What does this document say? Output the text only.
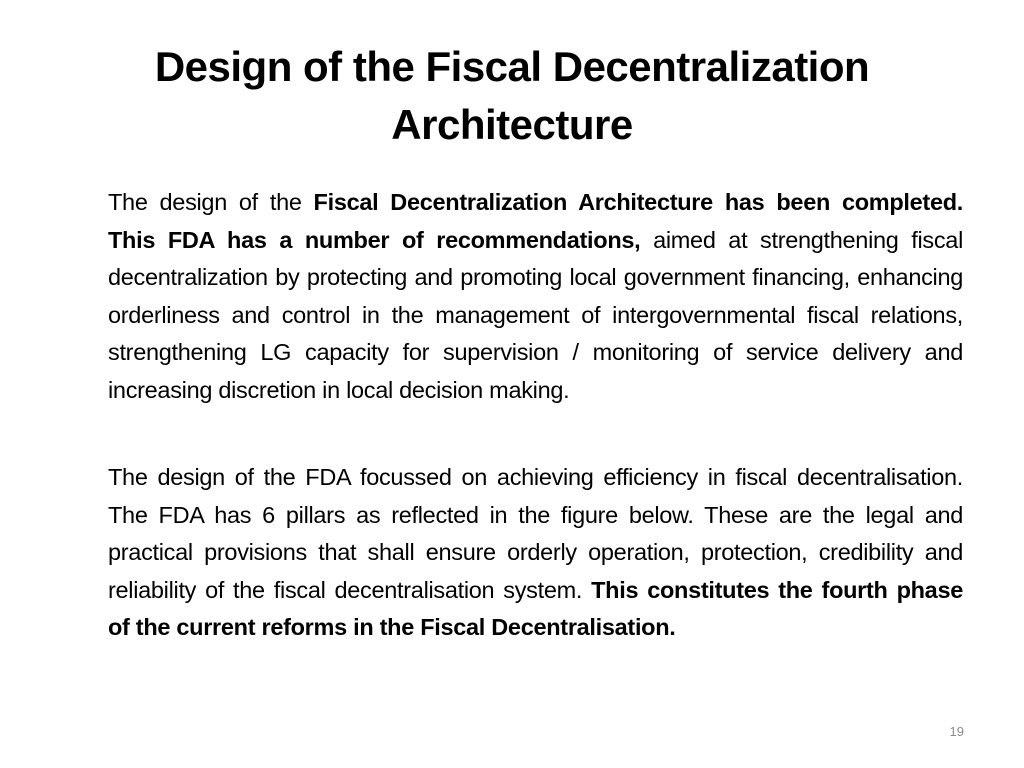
Design of the Fiscal Decentralization Architecture

The design of the Fiscal Decentralization Architecture has been completed. This FDA has a number of recommendations, aimed at strengthening fiscal decentralization by protecting and promoting local government financing, enhancing orderliness and control in the management of intergovernmental fiscal relations, strengthening LG capacity for supervision / monitoring of service delivery and increasing discretion in local decision making.

The design of the FDA focussed on achieving efficiency in fiscal decentralisation. The FDA has 6 pillars as reflected in the figure below. These are the legal and practical provisions that shall ensure orderly operation, protection, credibility and reliability of the fiscal decentralisation system. This constitutes the fourth phase of the current reforms in the Fiscal Decentralisation.

19
